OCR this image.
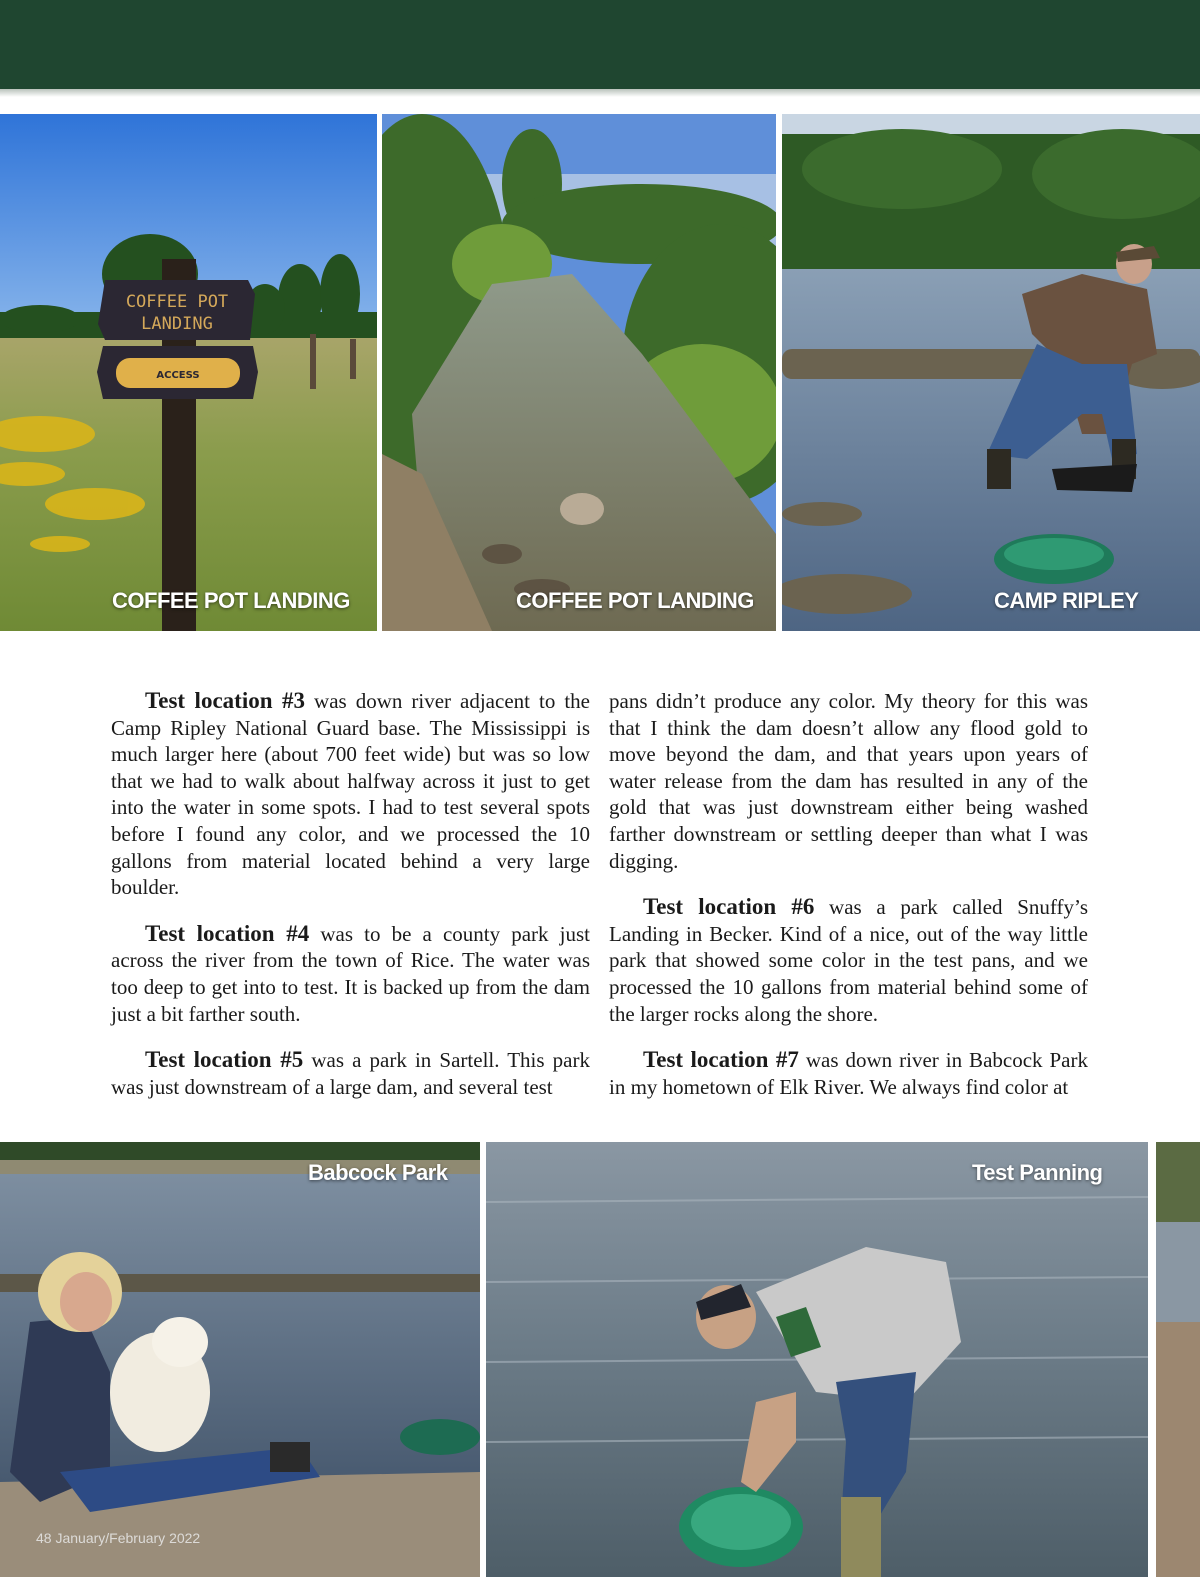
COFFEE POT
LANDING
ACCESS
COFFEE POT LANDING	COFFEE POT LANDING	CAMP RIPLEY

Test location #3 was down river adjacent to the Camp Ripley National Guard base. The Mississippi is much larger here (about 700 feet wide) but was so low that we had to walk about halfway across it just to get into the water in some spots. I had to test several spots before I found any color, and we processed the 10 gallons from material located behind a very large boulder.

Test location #4 was to be a county park just across the river from the town of Rice. The water was too deep to get into to test. It is backed up from the dam just a bit farther south.

Test location #5 was a park in Sartell. This park was just downstream of a large dam, and several test

pans didn’t produce any color. My theory for this was that I think the dam doesn’t allow any flood gold to move beyond the dam, and that years upon years of water release from the dam has resulted in any of the gold that was just downstream either being washed farther downstream or settling deeper than what I was digging.

Test location #6 was a park called Snuffy’s Landing in Becker. Kind of a nice, out of the way little park that showed some color in the test pans, and we processed the 10 gallons from material behind some of the larger rocks along the shore.

Test location #7 was down river in Babcock Park in my hometown of Elk River. We always find color at

Babcock Park
48 January/February 2022
Test Panning
